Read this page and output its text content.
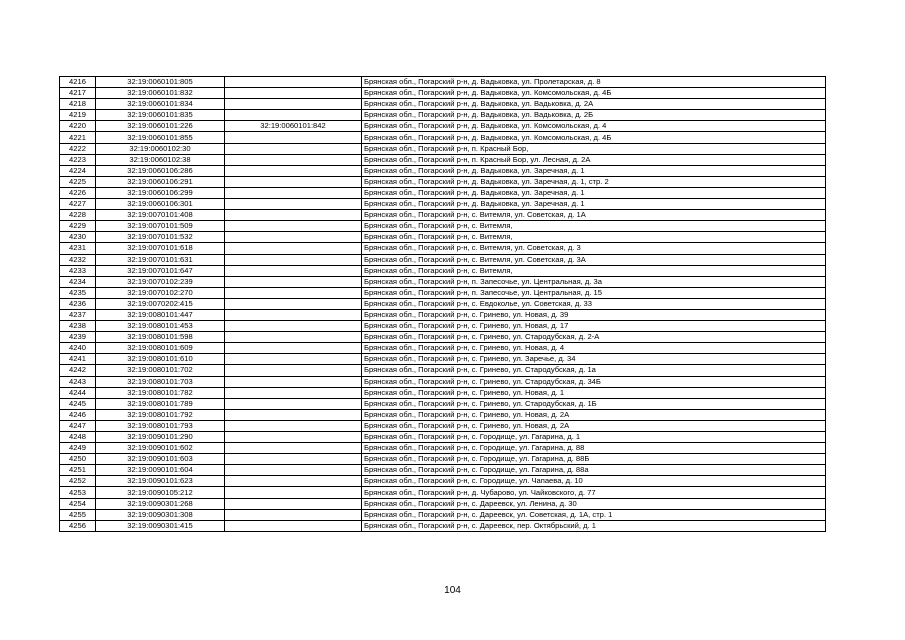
4216	32:19:0060101:805		Брянская обл., Погарский р-н, д. Вадьковка, ул. Пролетарская, д. 8
4217	32:19:0060101:832		Брянская обл., Погарский р-н, д. Вадьковка, ул. Комсомольская, д. 4Б
4218	32:19:0060101:834		Брянская обл., Погарский р-н, д. Вадьковка, ул. Вадьковка, д. 2А
4219	32:19:0060101:835		Брянская обл., Погарский р-н, д. Вадьковка, ул. Вадьковка, д. 2Б
4220	32:19:0060101:226	32:19:0060101:842	Брянская обл., Погарский р-н, д. Вадьковка, ул. Комсомольская, д. 4
4221	32:19:0060101:855		Брянская обл., Погарский р-н, д. Вадьковка, ул. Комсомольская, д. 4Б
4222	32:19:0060102:30		Брянская обл., Погарский р-н, п. Красный Бор,
4223	32:19:0060102:38		Брянская обл., Погарский р-н, п. Красный Бор, ул. Лесная, д. 2А
4224	32:19:0060106:286		Брянская обл., Погарский р-н, д. Вадьковка, ул. Заречная, д. 1
4225	32:19:0060106:291		Брянская обл., Погарский р-н, д. Вадьковка, ул. Заречная, д. 1, стр. 2
4226	32:19:0060106:299		Брянская обл., Погарский р-н, д. Вадьковка, ул. Заречная, д. 1
4227	32:19:0060106:301		Брянская обл., Погарский р-н, д. Вадьковка, ул. Заречная, д. 1
4228	32:19:0070101:408		Брянская обл., Погарский р-н, с. Витемля, ул. Советская, д. 1А
4229	32:19:0070101:509		Брянская обл., Погарский р-н, с. Витемля,
4230	32:19:0070101:532		Брянская обл., Погарский р-н, с. Витемля,
4231	32:19:0070101:618		Брянская обл., Погарский р-н, с. Витемля, ул. Советская, д. 3
4232	32:19:0070101:631		Брянская обл., Погарский р-н, с. Витемля, ул. Советская, д. 3А
4233	32:19:0070101:647		Брянская обл., Погарский р-н, с. Витемля,
4234	32:19:0070102:239		Брянская обл., Погарский р-н, п. Запесочье, ул. Центральная, д. 3а
4235	32:19:0070102:270		Брянская обл., Погарский р-н, п. Запесочье, ул. Центральная, д. 15
4236	32:19:0070202:415		Брянская обл., Погарский р-н, с. Евдоколье, ул. Советская, д. 33
4237	32:19:0080101:447		Брянская обл., Погарский р-н, с. Гринево, ул. Новая, д. 39
4238	32:19:0080101:453		Брянская обл., Погарский р-н, с. Гринево, ул. Новая, д. 17
4239	32:19:0080101:598		Брянская обл., Погарский р-н, с. Гринево, ул. Стародубская, д. 2-А
4240	32:19:0080101:609		Брянская обл., Погарский р-н, с. Гринево, ул. Новая, д. 4
4241	32:19:0080101:610		Брянская обл., Погарский р-н, с. Гринево, ул. Заречье, д. 34
4242	32:19:0080101:702		Брянская обл., Погарский р-н, с. Гринево, ул. Стародубская, д. 1а
4243	32:19:0080101:703		Брянская обл., Погарский р-н, с. Гринево, ул. Стародубская, д. 34Б
4244	32:19:0080101:782		Брянская обл., Погарский р-н, с. Гринево, ул. Новая, д. 1
4245	32:19:0080101:789		Брянская обл., Погарский р-н, с. Гринево, ул. Стародубская, д. 1Б
4246	32:19:0080101:792		Брянская обл., Погарский р-н, с. Гринево, ул. Новая, д. 2А
4247	32:19:0080101:793		Брянская обл., Погарский р-н, с. Гринево, ул. Новая, д. 2А
4248	32:19:0090101:290		Брянская обл., Погарский р-н, с. Городище, ул. Гагарина, д. 1
4249	32:19:0090101:602		Брянская обл., Погарский р-н, с. Городище, ул. Гагарина, д. 88
4250	32:19:0090101:603		Брянская обл., Погарский р-н, с. Городище, ул. Гагарина, д. 88Б
4251	32:19:0090101:604		Брянская обл., Погарский р-н, с. Городище, ул. Гагарина, д. 88а
4252	32:19:0090101:623		Брянская обл., Погарский р-н, с. Городище, ул. Чапаева, д. 10
4253	32:19:0090105:212		Брянская обл., Погарский р-н, д. Чубарово, ул. Чайковского, д. 77
4254	32:19:0090301:268		Брянская обл., Погарский р-н, с. Дареевск, ул. Ленина, д. 30
4255	32:19:0090301:308		Брянская обл., Погарский р-н, с. Дареевск, ул. Советская, д. 1А, стр. 1
4256	32:19:0090301:415		Брянская обл., Погарский р-н, с. Дареевск, пер. Октябрьский, д. 1
104
